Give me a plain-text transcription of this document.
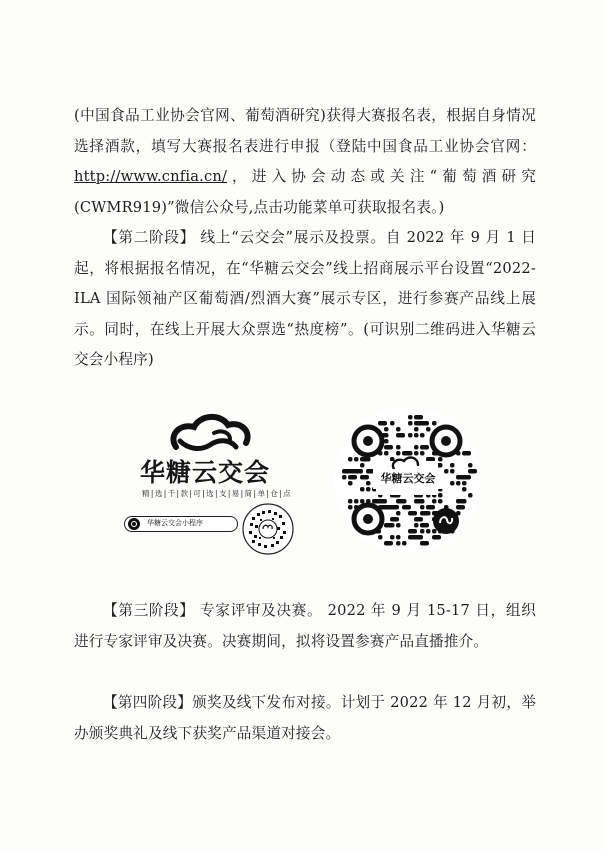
(中国食品工业协会官网、葡萄酒研究)获得大赛报名表，根据自身情况选择酒款，填写大赛报名表进行申报（登陆中国食品工业协会官网：http://www.cnfia.cn/，进入协会动态或关注“葡萄酒研究(CWMR919)”微信公众号,点击功能菜单可获取报名表。)

【第二阶段】 线上“云交会”展示及投票。自 2022 年 9 月 1 日起，将根据报名情况，在“华糖云交会”线上招商展示平台设置“2022-ILA 国际领袖产区葡萄酒/烈酒大赛”展示专区，进行参赛产品线上展示。同时，在线上开展大众票选“热度榜”。(可识别二维码进入华糖云交会小程序)

华糖云交会
精|选|千|款|可|选|支|易|简|单|仓|点
华糖云交会小程序
华糖云交会

【第三阶段】 专家评审及决赛。 2022 年 9 月 15-17 日，组织进行专家评审及决赛。决赛期间，拟将设置参赛产品直播推介。

【第四阶段】颁奖及线下发布对接。计划于 2022 年 12 月初，举办颁奖典礼及线下获奖产品渠道对接会。
